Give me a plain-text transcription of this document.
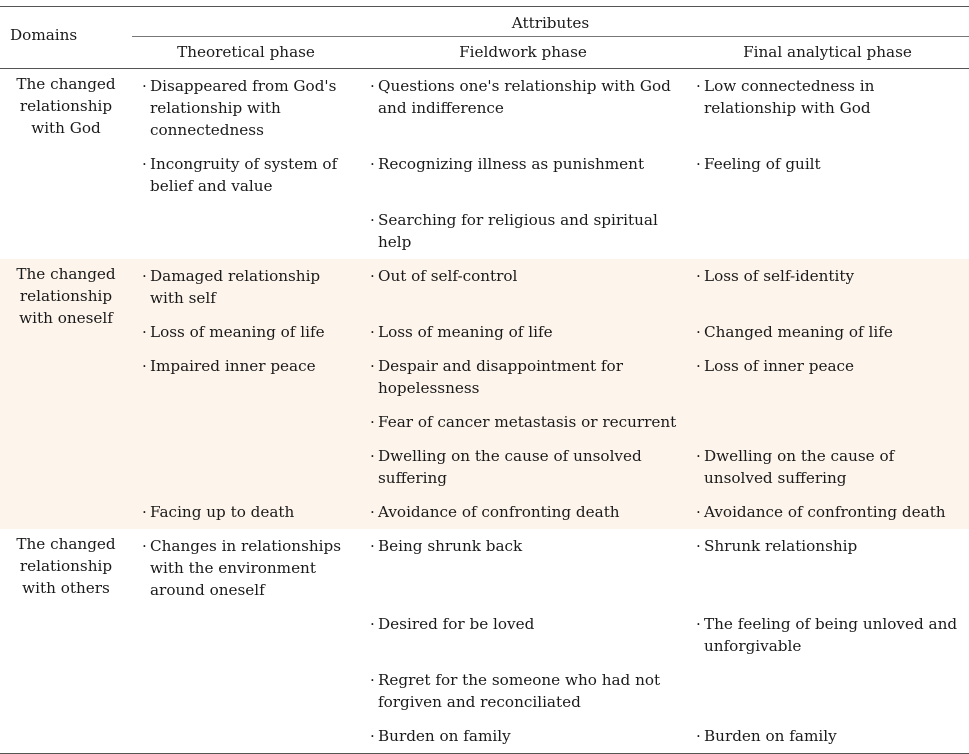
Domains	Attributes		
	Theoretical phase	Fieldwork phase	Final analytical phase
The changed relationship with God	· Disappeared from God's relationship with connectedness	· Questions one's relationship with God and indifference	· Low connectedness in relationship with God

	· Incongruity of system of belief and value	· Recognizing illness as punishment	· Feeling of guilt

		· Searching for religious and spiritual help	

The changed relationship with oneself	· Damaged relationship with self	· Out of self-control	· Loss of self-identity

	· Loss of meaning of life	· Loss of meaning of life	· Changed meaning of life

	· Impaired inner peace	· Despair and disappointment for hopelessness	· Loss of inner peace

		· Fear of cancer metastasis or recurrent	

		· Dwelling on the cause of unsolved suffering	· Dwelling on the cause of unsolved suffering

	· Facing up to death	· Avoidance of confronting death	· Avoidance of confronting death

The changed relationship with others	· Changes in relationships with the environment around oneself	· Being shrunk back	· Shrunk relationship

		· Desired for be loved	· The feeling of being unloved and unforgivable

		· Regret for the someone who had not forgiven and reconciliated	

		· Burden on family	· Burden on family
